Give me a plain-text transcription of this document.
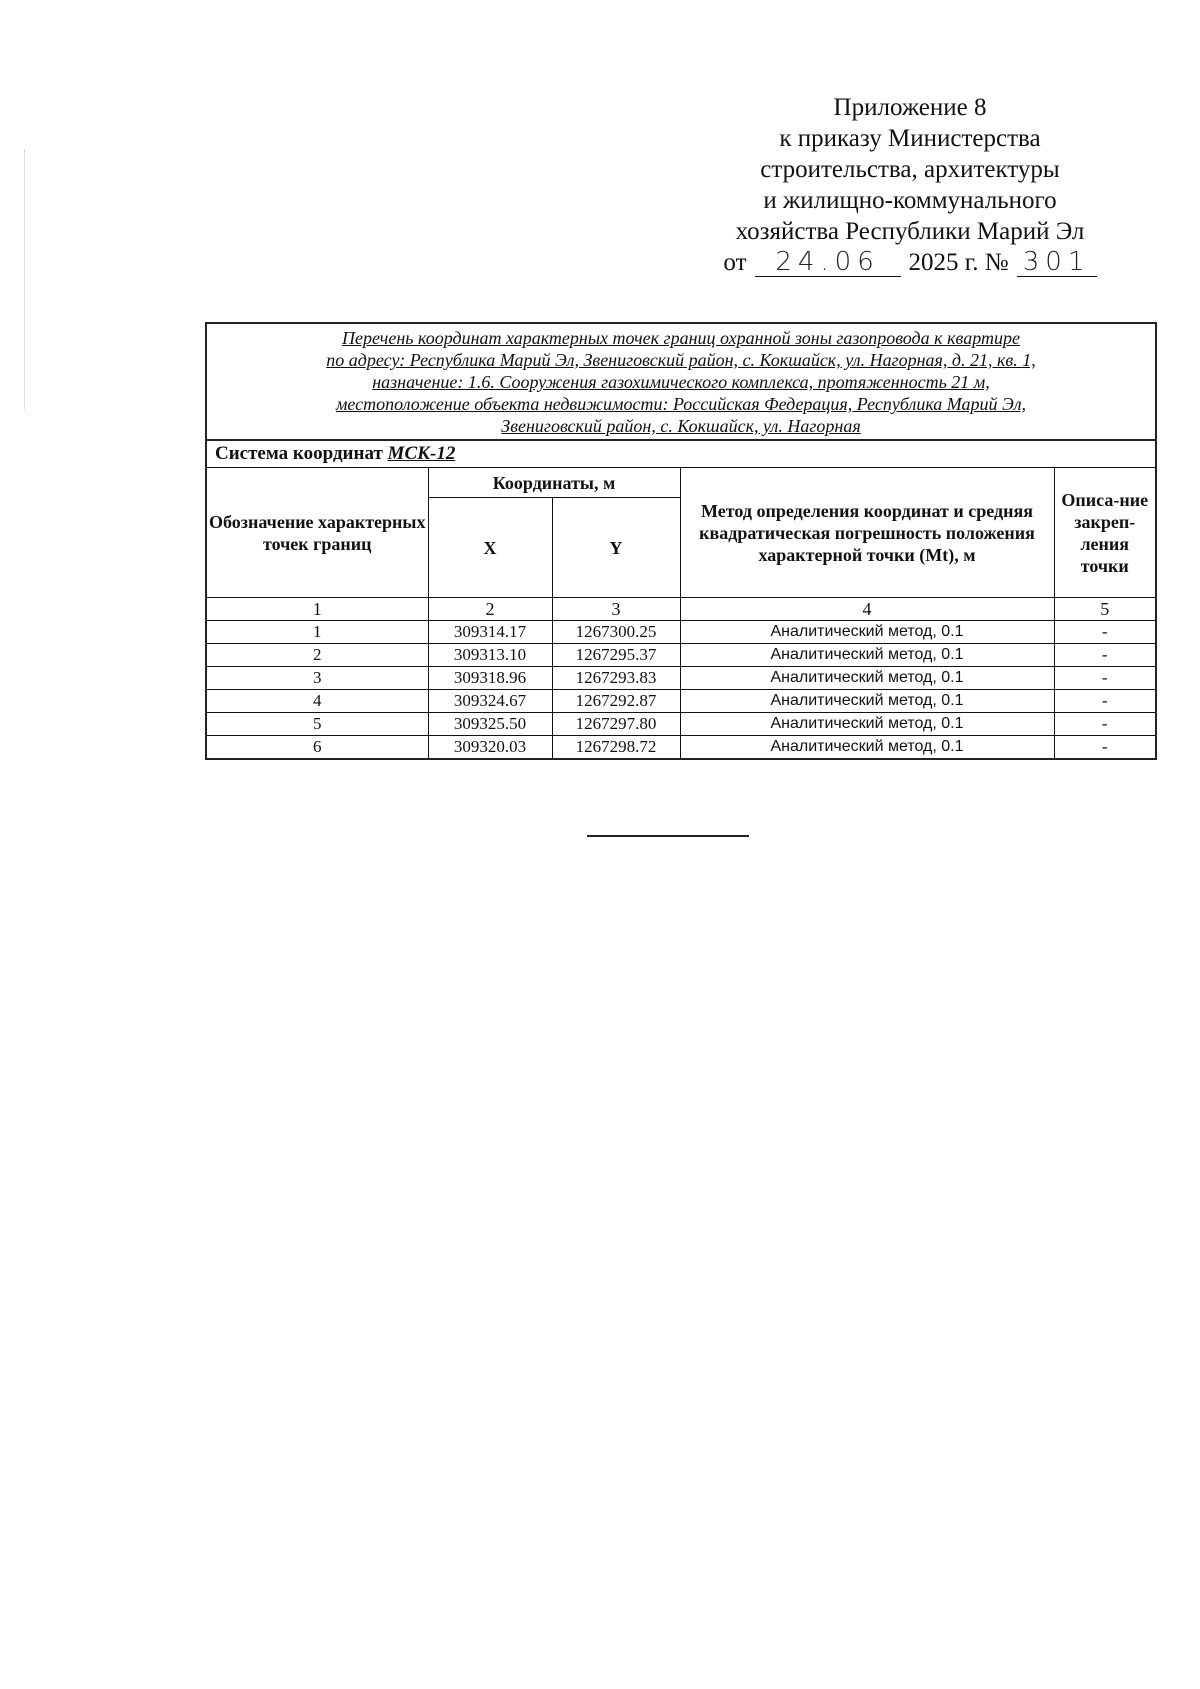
Приложение 8
к приказу Министерства
строительства, архитектуры
и жилищно-коммунального
хозяйства Республики Марий Эл
от	24.06	2025 г. № 301
Перечень координат характерных точек границ охранной зоны газопровода к квартире
по адресу: Республика Марий Эл, Звениговский район, с. Кокшайск, ул. Нагорная, д. 21, кв. 1,
назначение: 1.6. Сооружения газохимического комплекса, протяженность 21 м,
местоположение объекта недвижимости: Российская Федерация, Республика Марий Эл,
Звениговский район, с. Кокшайск, ул. Нагорная				

Система координат МСК-12				
Обозначение характерных точек границ	Координаты, м		Метод определения координат и средняя квадратическая погрешность положения характерной точки (Mt), м	Описа-ние закреп-ления точки
	X	Y		
1	2	3	4	5
1	309314.17	1267300.25	Аналитический метод, 0.1	-
2	309313.10	1267295.37	Аналитический метод, 0.1	-
3	309318.96	1267293.83	Аналитический метод, 0.1	-
4	309324.67	1267292.87	Аналитический метод, 0.1	-
5	309325.50	1267297.80	Аналитический метод, 0.1	-
6	309320.03	1267298.72	Аналитический метод, 0.1	-
